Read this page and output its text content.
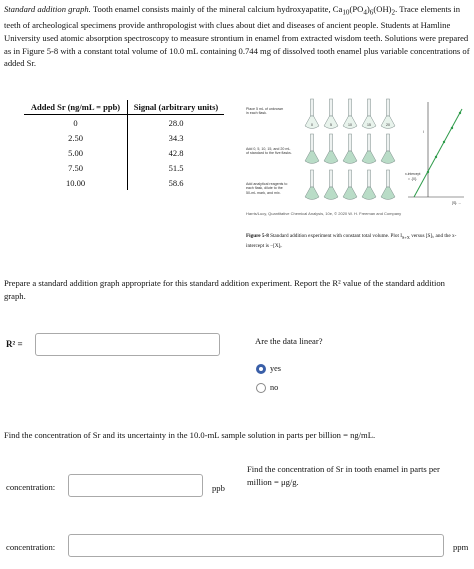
Standard addition graph. Tooth enamel consists mainly of the mineral calcium hydroxyapatite, $Ca_{10}(PO_4)_6(OH)_2$. Trace elements in teeth of archeological specimens provide anthropologist with clues about diet and diseases of ancient people. Students at Hamline University used atomic absorption spectroscopy to measure strontium in enamel from extracted wisdom teeth. Solutions were prepared as in Figure 5-8 with a constant total volume of 10.0 mL containing 0.744 mg of dissolved tooth enamel plus variable concentrations of added Sr.
Added Sr (ng/mL = ppb)	Signal (arbitrary units)
0	28.0
2.50	34.3
5.00	42.8
7.50	51.5
10.00	58.6
Place 5 mL of unknown
in each flask.
Add 0, 5, 10, 15, and 20 mL
of standard to the five flasks.
Add analytical reagents to
each flask, dilute to the
50-mL mark, and mix.
0	5	10	15	20
I
x-intercept
= -[X]ᵢ
[S]ᵢ →
Harris/Lucy, Quantitative Chemical Analysis, 10e, © 2020 W. H. Freeman and Company
Figure 5-8 Standard addition experiment with constant total volume. Plot $I_{S+X}$ versus [S]ᵢ, and the x-intercept is −[X]ᵢ.
Prepare a standard addition graph appropriate for this standard addition experiment. Report the R² value of the standard addition graph.
R² =	Are the data linear?
yes
no
Find the concentration of Sr and its uncertainty in the 10.0-mL sample solution in parts per billion = ng/mL.
Find the concentration of Sr in tooth enamel in parts per million = μg/g.
concentration:	ppb
concentration:	ppm
